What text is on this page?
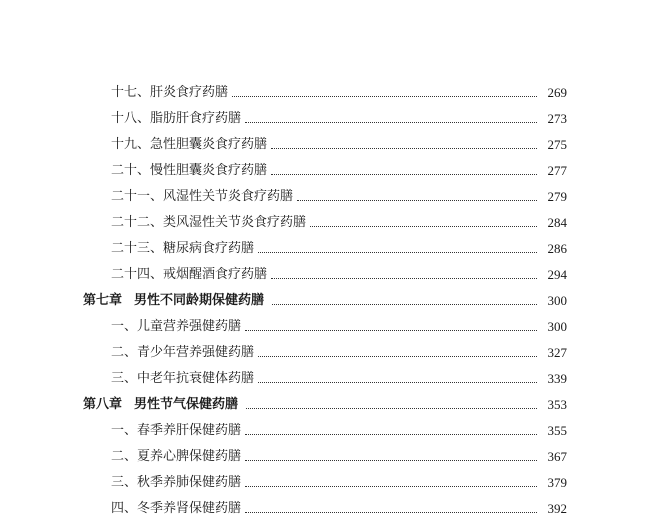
十七、肝炎食疗药膳	269
十八、脂肪肝食疗药膳	273
十九、急性胆囊炎食疗药膳	275
二十、慢性胆囊炎食疗药膳	277
二十一、风湿性关节炎食疗药膳	279
二十二、类风湿性关节炎食疗药膳	284
二十三、糖尿病食疗药膳	286
二十四、戒烟醒酒食疗药膳	294
第七章 男性不同龄期保健药膳	300
一、儿童营养强健药膳	300
二、青少年营养强健药膳	327
三、中老年抗衰健体药膳	339
第八章 男性节气保健药膳	353
一、春季养肝保健药膳	355
二、夏养心脾保健药膳	367
三、秋季养肺保健药膳	379
四、冬季养肾保健药膳	392
